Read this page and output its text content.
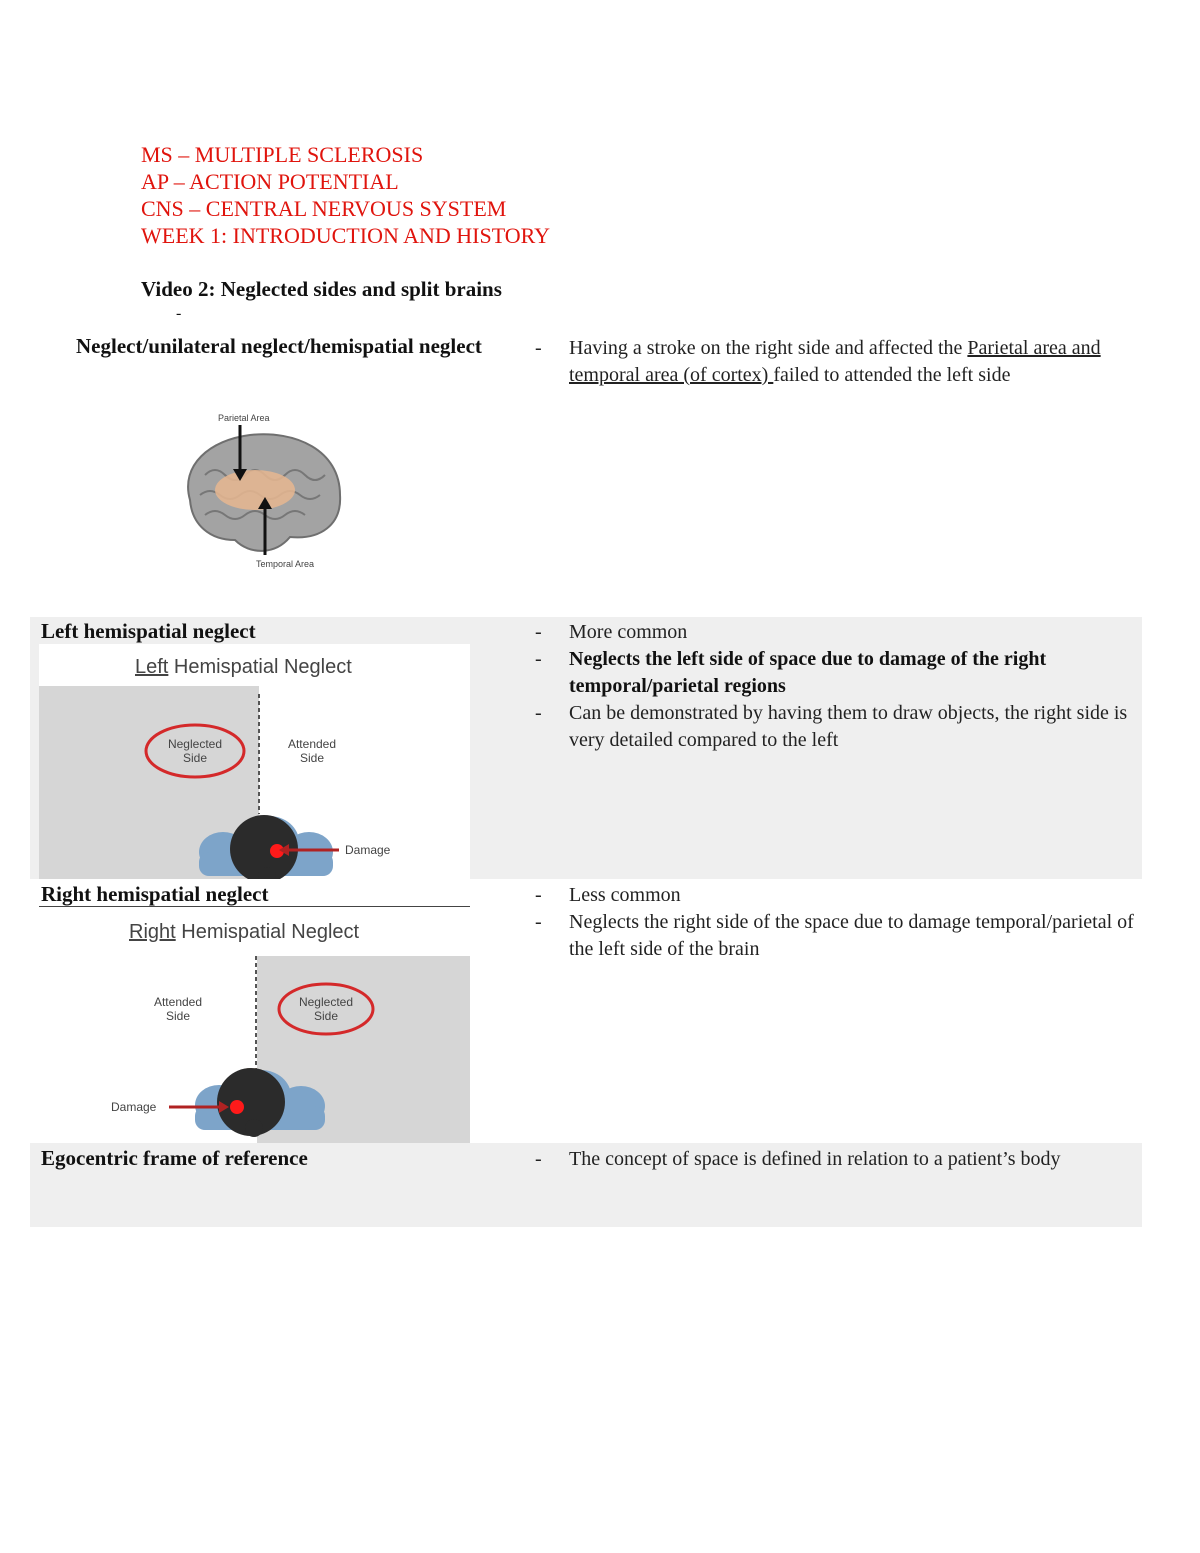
MS – MULTIPLE SCLEROSIS
AP – ACTION POTENTIAL
CNS – CENTRAL NERVOUS SYSTEM
WEEK 1: INTRODUCTION AND HISTORY
Video 2: Neglected sides and split brains
-
Neglect/unilateral neglect/hemispatial neglect	-	Having a stroke on the right side and affected the Parietal area and temporal area (of cortex) failed to attended the left side
Parietal Area
Temporal Area
Left hemispatial neglect	-	More common
-	Neglects the left side of space due to damage of the right temporal/parietal regions
-	Can be demonstrated by having them to draw objects, the right side is very detailed compared to the left
Left Hemispatial Neglect
Neglected
Side
Attended
Side
Damage
Right hemispatial neglect	-	Less common
-	Neglects the right side of the space due to damage temporal/parietal of the left side of the brain
Right Hemispatial Neglect
Neglected
Side
Attended
Side
Damage
Egocentric frame of reference	-	The concept of space is defined in relation to a patient’s body
